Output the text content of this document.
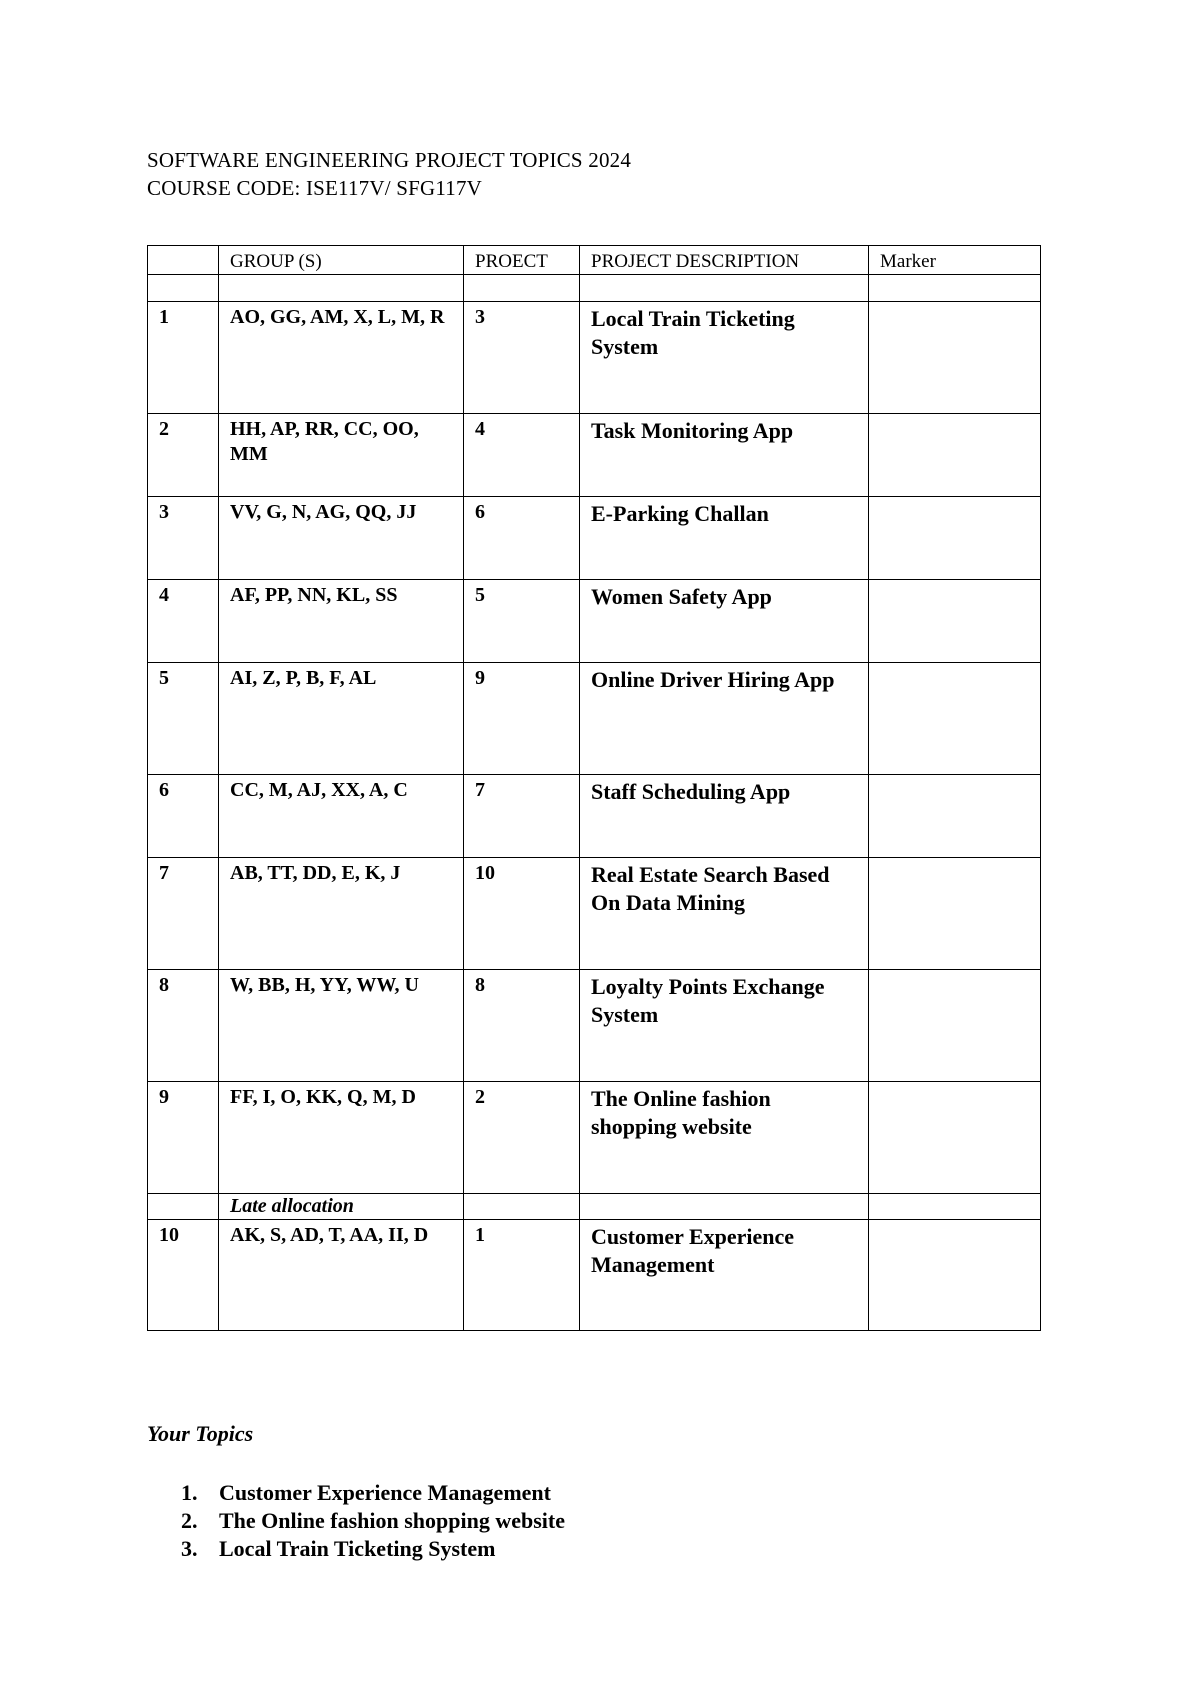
SOFTWARE ENGINEERING PROJECT TOPICS 2024
COURSE CODE: ISE117V/ SFG117V
	GROUP (S)	PROECT	PROJECT DESCRIPTION	Marker

1	AO, GG, AM, X, L, M, R	3	Local Train Ticketing System	
2	HH, AP, RR, CC, OO, MM	4	Task Monitoring App	
3	VV, G, N, AG, QQ, JJ	6	E-Parking Challan	
4	AF, PP, NN, KL, SS	5	Women Safety App	
5	AI, Z, P, B, F, AL	9	Online Driver Hiring App	
6	CC, M, AJ, XX, A, C	7	Staff Scheduling App	
7	AB, TT, DD, E, K, J	10	Real Estate Search Based On Data Mining	
8	W, BB, H, YY, WW, U	8	Loyalty Points Exchange System	
9	FF, I, O, KK, Q, M, D	2	The Online fashion shopping website	
	Late allocation			
10	AK, S, AD, T, AA, II, D	1	Customer Experience Management	
Your Topics
1. Customer Experience Management
2. The Online fashion shopping website
3. Local Train Ticketing System
